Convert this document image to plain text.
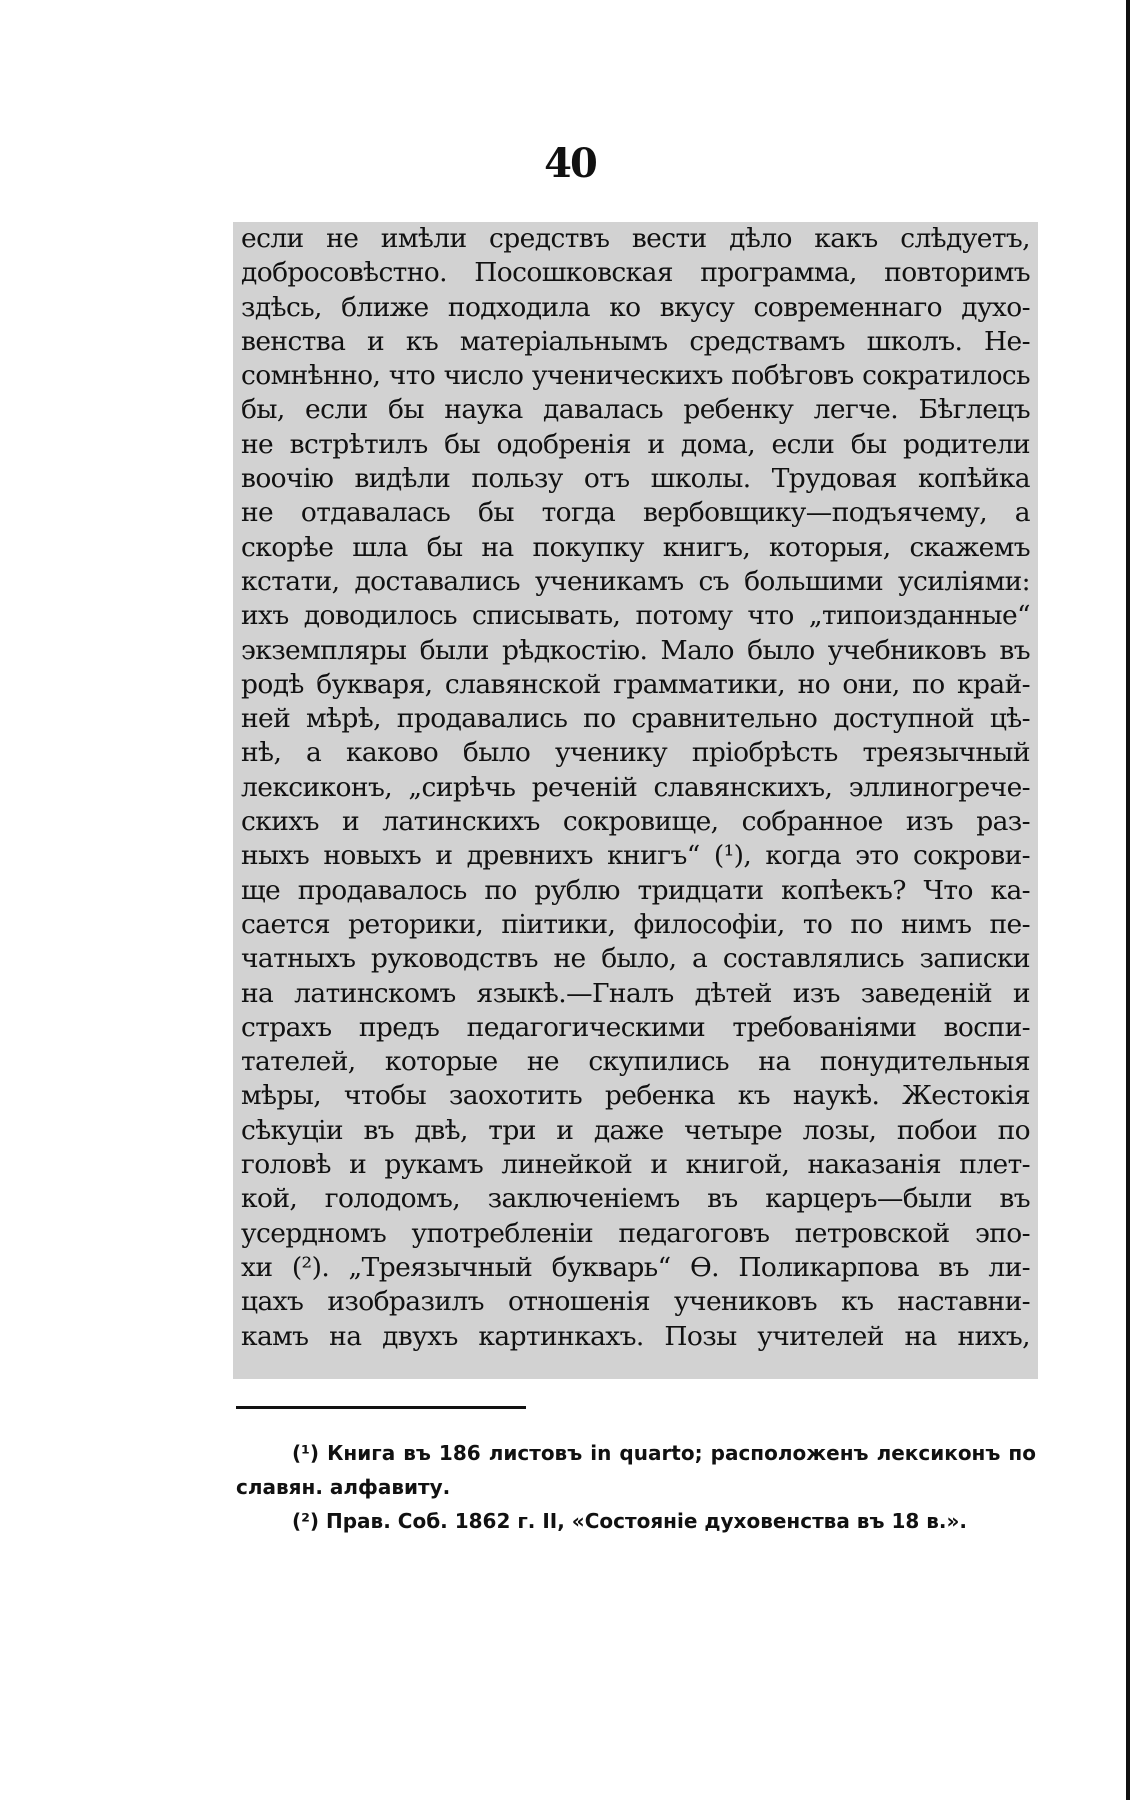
40
если не имѣли средствъ вести дѣло какъ слѣдуетъ,
добросовѣстно. Посошковская программа, повторимъ
здѣсь, ближе подходила ко вкусу современнаго духо-
венства и къ матеріальнымъ средствамъ школъ. Не-
сомнѣнно, что число ученическихъ побѣговъ сократилось
бы, если бы наука давалась ребенку легче. Бѣглецъ
не встрѣтилъ бы одобренія и дома, если бы родители
воочію видѣли пользу отъ школы. Трудовая копѣйка
не отдавалась бы тогда вербовщику—подъячему, а
скорѣе шла бы на покупку книгъ, которыя, скажемъ
кстати, доставались ученикамъ съ большими усиліями:
ихъ доводилось списывать, потому что „типоизданные“
экземпляры были рѣдкостію. Мало было учебниковъ въ
родѣ букваря, славянской грамматики, но они, по край-
ней мѣрѣ, продавались по сравнительно доступной цѣ-
нѣ, а каково было ученику пріобрѣсть треязычный
лексиконъ, „сирѣчь реченій славянскихъ, эллиногрече-
скихъ и латинскихъ сокровище, собранное изъ раз-
ныхъ новыхъ и древнихъ книгъ“ (¹), когда это сокрови-
ще продавалось по рублю тридцати копѣекъ? Что ка-
сается реторики, піитики, философіи, то по нимъ пе-
чатныхъ руководствъ не было, а составлялись записки
на латинскомъ языкѣ.—Гналъ дѣтей изъ заведеній и
страхъ предъ педагогическими требованіями воспи-
тателей, которые не скупились на понудительныя
мѣры, чтобы заохотить ребенка къ наукѣ. Жестокія
сѣкуціи въ двѣ, три и даже четыре лозы, побои по
головѣ и рукамъ линейкой и книгой, наказанія плет-
кой, голодомъ, заключеніемъ въ карцеръ—были въ
усердномъ употребленіи педагоговъ петровской эпо-
хи (²). „Треязычный букварь“ Ѳ. Поликарпова въ ли-
цахъ изобразилъ отношенія учениковъ къ наставни-
камъ на двухъ картинкахъ. Позы учителей на нихъ,
(¹) Книга въ 186 листовъ in quarto; расположенъ лексиконъ по
славян. алфавиту.
(²) Прав. Соб. 1862 г. II, «Состояніе духовенства въ 18 в.».
